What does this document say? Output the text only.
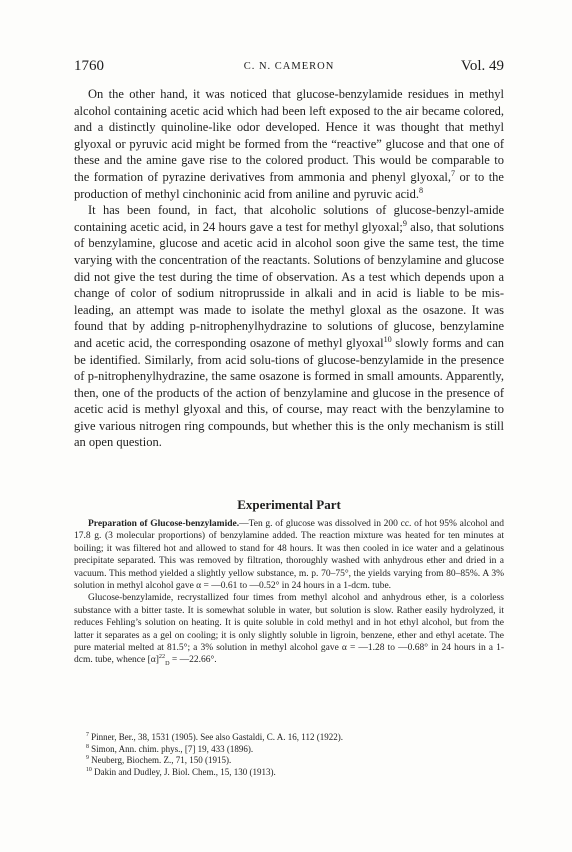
1760	C. N. CAMERON	Vol. 49

On the other hand, it was noticed that glucose-benzylamide residues in methyl alcohol containing acetic acid which had been left exposed to the air became colored, and a distinctly quinoline-like odor developed. Hence it was thought that methyl glyoxal or pyruvic acid might be formed from the “reactive” glucose and that one of these and the amine gave rise to the colored product. This would be comparable to the formation of pyrazine derivatives from ammonia and phenyl glyoxal,$^7$ or to the production of methyl cinchoninic acid from aniline and pyruvic acid.$^8$

It has been found, in fact, that alcoholic solutions of glucose-benzyl-amide containing acetic acid, in 24 hours gave a test for methyl glyoxal;$^9$ also, that solutions of benzylamine, glucose and acetic acid in alcohol soon give the same test, the time varying with the concentration of the reactants. Solutions of benzylamine and glucose did not give the test during the time of observation. As a test which depends upon a change of color of sodium nitroprusside in alkali and in acid is liable to be mis-leading, an attempt was made to isolate the methyl gloxal as the osazone. It was found that by adding p-nitrophenylhydrazine to solutions of glucose, benzylamine and acetic acid, the corresponding osazone of methyl glyoxal$^{10}$ slowly forms and can be identified. Similarly, from acid solu-tions of glucose-benzylamide in the presence of p-nitrophenylhydrazine, the same osazone is formed in small amounts. Apparently, then, one of the products of the action of benzylamine and glucose in the presence of acetic acid is methyl glyoxal and this, of course, may react with the benzylamine to give various nitrogen ring compounds, but whether this is the only mechanism is still an open question.

Experimental Part

Preparation of Glucose-benzylamide.—Ten g. of glucose was dissolved in 200 cc. of hot 95% alcohol and 17.8 g. (3 molecular proportions) of benzylamine added. The reaction mixture was heated for ten minutes at boiling; it was filtered hot and allowed to stand for 48 hours. It was then cooled in ice water and a gelatinous precipitate separated. This was removed by filtration, thoroughly washed with anhydrous ether and dried in a vacuum. This method yielded a slightly yellow substance, m. p. 70–75°, the yields varying from 80–85%. A 3% solution in methyl alcohol gave α = —0.61 to —0.52° in 24 hours in a 1-dcm. tube.

Glucose-benzylamide, recrystallized four times from methyl alcohol and anhydrous ether, is a colorless substance with a bitter taste. It is somewhat soluble in water, but solution is slow. Rather easily hydrolyzed, it reduces Fehling’s solution on heating. It is quite soluble in cold methyl and in hot ethyl alcohol, but from the latter it separates as a gel on cooling; it is only slightly soluble in ligroin, benzene, ether and ethyl acetate. The pure material melted at 81.5°; a 3% solution in methyl alcohol gave α = —1.28 to —0.68° in 24 hours in a 1-dcm. tube, whence $[\alpha]^{22}_D$ = —22.66°.

$^7$ Pinner, Ber., 38, 1531 (1905). See also Gastaldi, C. A. 16, 112 (1922).
$^8$ Simon, Ann. chim. phys., [7] 19, 433 (1896).
$^9$ Neuberg, Biochem. Z., 71, 150 (1915).
$^{10}$ Dakin and Dudley, J. Biol. Chem., 15, 130 (1913).
